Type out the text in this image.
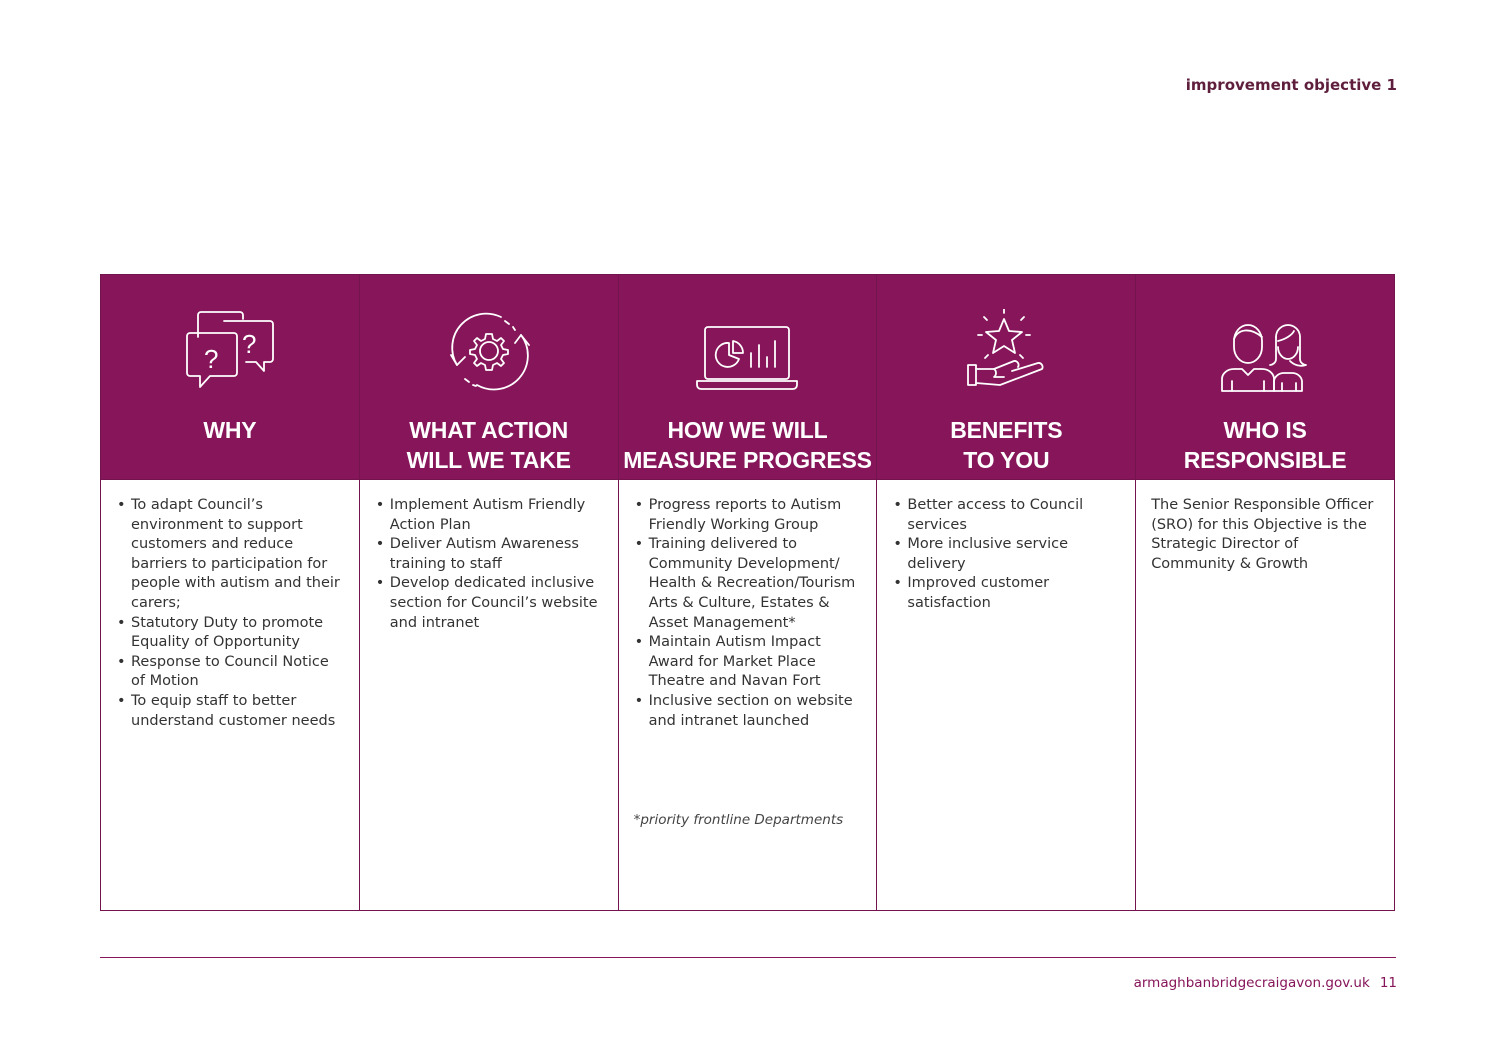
improvement objective 1
? ?
WHY
• To adapt Council’s environment to support customers and reduce barriers to participation for people with autism and their carers;
• Statutory Duty to promote Equality of Opportunity
• Response to Council Notice of Motion
• To equip staff to better understand customer needs
WHAT ACTION
WILL WE TAKE
• Implement Autism Friendly Action Plan
• Deliver Autism Awareness training to staff
• Develop dedicated inclusive section for Council’s website and intranet
HOW WE WILL
MEASURE PROGRESS
• Progress reports to Autism Friendly Working Group
• Training delivered to Community Development/ Health & Recreation/Tourism Arts & Culture, Estates & Asset Management*
• Maintain Autism Impact Award for Market Place Theatre and Navan Fort
• Inclusive section on website and intranet launched
*priority frontline Departments
BENEFITS
TO YOU
• Better access to Council services
• More inclusive service delivery
• Improved customer satisfaction
WHO IS
RESPONSIBLE

The Senior Responsible Officer (SRO) for this Objective is the Strategic Director of Community & Growth

armaghbanbridgecraigavon.gov.uk 11
